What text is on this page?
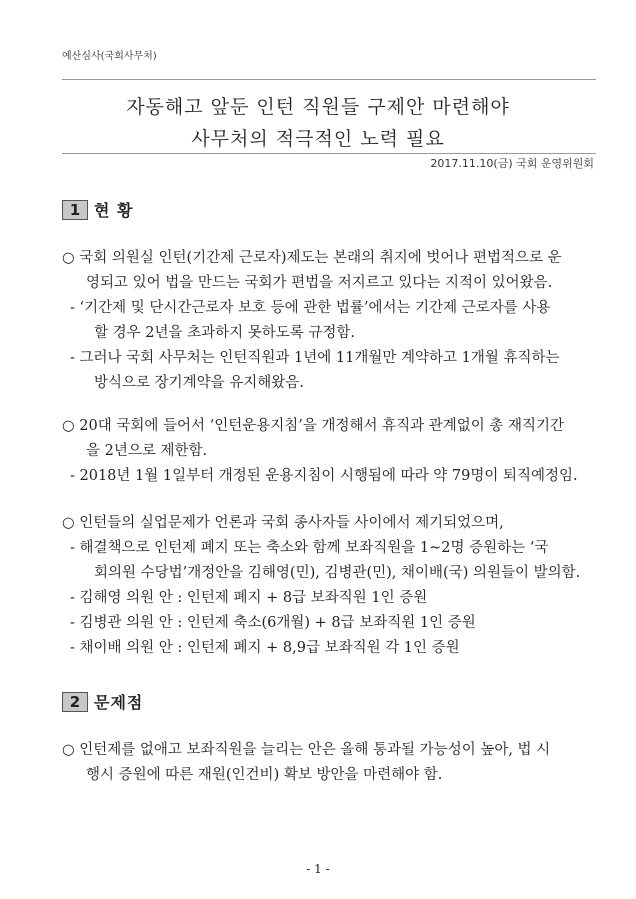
예산심사(국회사무처)
자동해고 앞둔 인턴 직원들 구제안 마련해야
사무처의 적극적인 노력 필요
2017.11.10(금) 국회 운영위원회
1 현 황
○ 국회 의원실 인턴(기간제 근로자)제도는 본래의 취지에 벗어나 편법적으로 운
영되고 있어 법을 만드는 국회가 편법을 저지르고 있다는 지적이 있어왔음.
- ‘기간제 및 단시간근로자 보호 등에 관한 법률’에서는 기간제 근로자를 사용
할 경우 2년을 초과하지 못하도록 규정함.
- 그러나 국회 사무처는 인턴직원과 1년에 11개월만 계약하고 1개월 휴직하는
방식으로 장기계약을 유지해왔음.
○ 20대 국회에 들어서 ‘인턴운용지침’을 개정해서 휴직과 관계없이 총 재직기간
을 2년으로 제한함.
- 2018년 1월 1일부터 개정된 운용지침이 시행됨에 따라 약 79명이 퇴직예정임.
○ 인턴들의 실업문제가 언론과 국회 종사자들 사이에서 제기되었으며,
- 해결책으로 인턴제 폐지 또는 축소와 함께 보좌직원을 1~2명 증원하는 ‘국
회의원 수당법’개정안을 김해영(민), 김병관(민), 채이배(국) 의원들이 발의함.
- 김해영 의원 안 : 인턴제 폐지 + 8급 보좌직원 1인 증원
- 김병관 의원 안 : 인턴제 축소(6개월) + 8급 보좌직원 1인 증원
- 채이배 의원 안 : 인턴제 폐지 + 8,9급 보좌직원 각 1인 증원
2 문제점
○ 인턴제를 없애고 보좌직원을 늘리는 안은 올해 통과될 가능성이 높아, 법 시
행시 증원에 따른 재원(인건비) 확보 방안을 마련해야 함.
- 1 -
